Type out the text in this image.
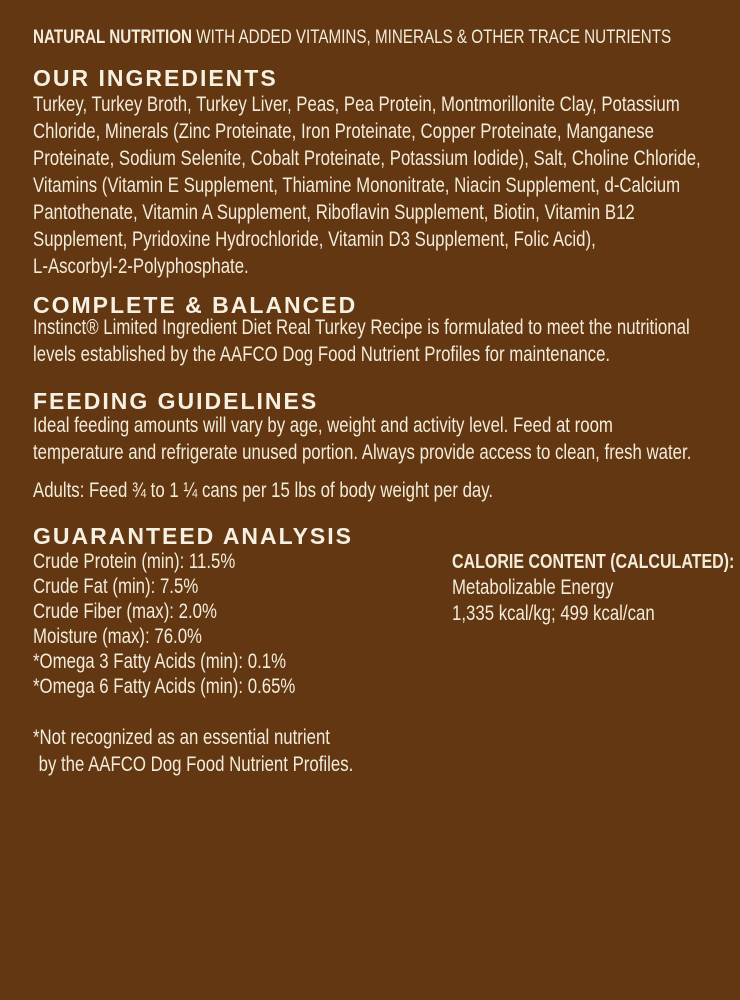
NATURAL NUTRITION WITH ADDED VITAMINS, MINERALS & OTHER TRACE NUTRIENTS
OUR INGREDIENTS
Turkey, Turkey Broth, Turkey Liver, Peas, Pea Protein, Montmorillonite Clay, Potassium
Chloride, Minerals (Zinc Proteinate, Iron Proteinate, Copper Proteinate, Manganese
Proteinate, Sodium Selenite, Cobalt Proteinate, Potassium Iodide), Salt, Choline Chloride,
Vitamins (Vitamin E Supplement, Thiamine Mononitrate, Niacin Supplement, d-Calcium
Pantothenate, Vitamin A Supplement, Riboflavin Supplement, Biotin, Vitamin B12
Supplement, Pyridoxine Hydrochloride, Vitamin D3 Supplement, Folic Acid),
L-Ascorbyl-2-Polyphosphate.
COMPLETE & BALANCED
Instinct® Limited Ingredient Diet Real Turkey Recipe is formulated to meet the nutritional
levels established by the AAFCO Dog Food Nutrient Profiles for maintenance.
FEEDING GUIDELINES
Ideal feeding amounts will vary by age, weight and activity level. Feed at room
temperature and refrigerate unused portion. Always provide access to clean, fresh water.
Adults: Feed ¾ to 1 ¼ cans per 15 lbs of body weight per day.
GUARANTEED ANALYSIS
Crude Protein (min): 11.5%
Crude Fat (min): 7.5%
Crude Fiber (max): 2.0%
Moisture (max): 76.0%
*Omega 3 Fatty Acids (min): 0.1%
*Omega 6 Fatty Acids (min): 0.65%
CALORIE CONTENT (CALCULATED):
Metabolizable Energy
1,335 kcal/kg; 499 kcal/can
*Not recognized as an essential nutrient
by the AAFCO Dog Food Nutrient Profiles.
